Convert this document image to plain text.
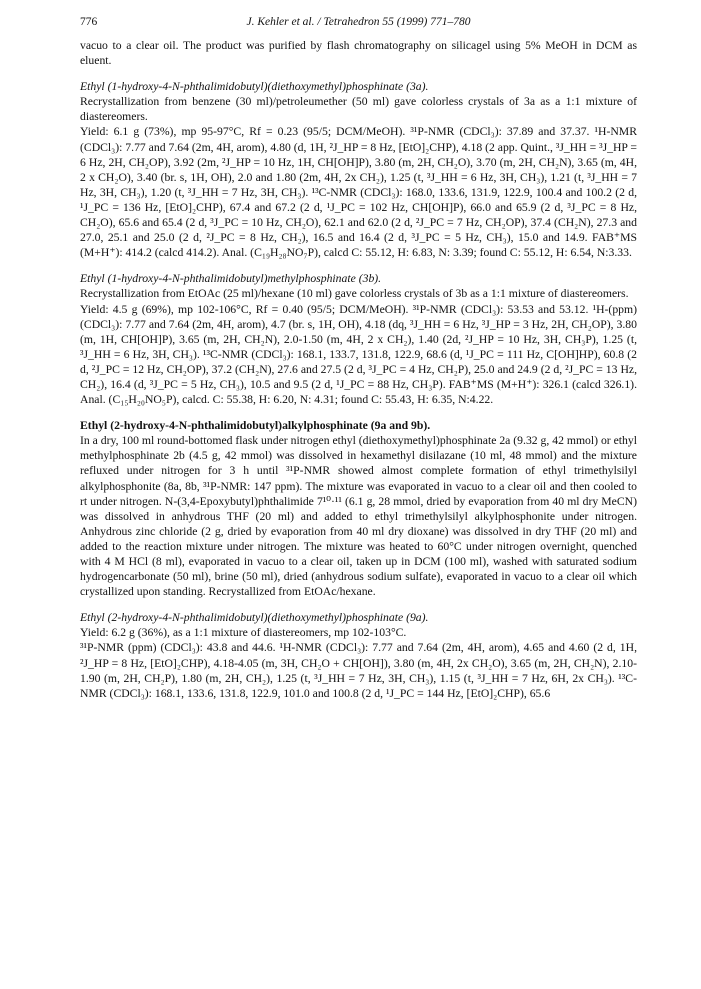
776	J. Kehler et al. / Tetrahedron 55 (1999) 771–780

vacuo to a clear oil. The product was purified by flash chromatography on silicagel using 5% MeOH in DCM as eluent.

Ethyl (1-hydroxy-4-N-phthalimidobutyl)(diethoxymethyl)phosphinate (3a).

Recrystallization from benzene (30 ml)/petroleumether (50 ml) gave colorless crystals of 3a as a 1:1 mixture of diastereomers.

Yield: 6.1 g (73%), mp 95-97°C, Rf = 0.23 (95/5; DCM/MeOH). ³¹P-NMR (CDCl₃): 37.89 and 37.37. ¹H-NMR (CDCl₃): 7.77 and 7.64 (2m, 4H, arom), 4.80 (d, 1H, ²J_HP = 8 Hz, [EtO]₂CHP), 4.18 (2 app. Quint., ³J_HH = ³J_HP = 6 Hz, 2H, CH₂OP), 3.92 (2m, ²J_HP = 10 Hz, 1H, CH[OH]P), 3.80 (m, 2H, CH₂O), 3.70 (m, 2H, CH₂N), 3.65 (m, 4H, 2 x CH₂O), 3.40 (br. s, 1H, OH), 2.0 and 1.80 (2m, 4H, 2x CH₂), 1.25 (t, ³J_HH = 6 Hz, 3H, CH₃), 1.21 (t, ³J_HH = 7 Hz, 3H, CH₃), 1.20 (t, ³J_HH = 7 Hz, 3H, CH₃). ¹³C-NMR (CDCl₃): 168.0, 133.6, 131.9, 122.9, 100.4 and 100.2 (2 d, ¹J_PC = 136 Hz, [EtO]₂CHP), 67.4 and 67.2 (2 d, ¹J_PC = 102 Hz, CH[OH]P), 66.0 and 65.9 (2 d, ³J_PC = 8 Hz, CH₂O), 65.6 and 65.4 (2 d, ³J_PC = 10 Hz, CH₂O), 62.1 and 62.0 (2 d, ²J_PC = 7 Hz, CH₂OP), 37.4 (CH₂N), 27.3 and 27.0, 25.1 and 25.0 (2 d, ²J_PC = 8 Hz, CH₂), 16.5 and 16.4 (2 d, ³J_PC = 5 Hz, CH₃), 15.0 and 14.9. FAB⁺MS (M+H⁺): 414.2 (calcd 414.2). Anal. (C₁₉H₂₈NO₇P), calcd C: 55.12, H: 6.83, N: 3.39; found C: 55.12, H: 6.54, N:3.33.

Ethyl (1-hydroxy-4-N-phthalimidobutyl)methylphosphinate (3b).

Recrystallization from EtOAc (25 ml)/hexane (10 ml) gave colorless crystals of 3b as a 1:1 mixture of diastereomers.

Yield: 4.5 g (69%), mp 102-106°C, Rf = 0.40 (95/5; DCM/MeOH). ³¹P-NMR (CDCl₃): 53.53 and 53.12. ¹H-(ppm) (CDCl₃): 7.77 and 7.64 (2m, 4H, arom), 4.7 (br. s, 1H, OH), 4.18 (dq, ³J_HH = 6 Hz, ³J_HP = 3 Hz, 2H, CH₂OP), 3.80 (m, 1H, CH[OH]P), 3.65 (m, 2H, CH₂N), 2.0-1.50 (m, 4H, 2 x CH₂), 1.40 (2d, ²J_HP = 10 Hz, 3H, CH₃P), 1.25 (t, ³J_HH = 6 Hz, 3H, CH₃). ¹³C-NMR (CDCl₃): 168.1, 133.7, 131.8, 122.9, 68.6 (d, ¹J_PC = 111 Hz, C[OH]HP), 60.8 (2 d, ²J_PC = 12 Hz, CH₂OP), 37.2 (CH₂N), 27.6 and 27.5 (2 d, ³J_PC = 4 Hz, CH₂P), 25.0 and 24.9 (2 d, ²J_PC = 13 Hz, CH₂), 16.4 (d, ³J_PC = 5 Hz, CH₃), 10.5 and 9.5 (2 d, ¹J_PC = 88 Hz, CH₃P). FAB⁺MS (M+H⁺): 326.1 (calcd 326.1). Anal. (C₁₅H₂₀NO₅P), calcd. C: 55.38, H: 6.20, N: 4.31; found C: 55.43, H: 6.35, N:4.22.

Ethyl (2-hydroxy-4-N-phthalimidobutyl)alkylphosphinate (9a and 9b).

In a dry, 100 ml round-bottomed flask under nitrogen ethyl (diethoxymethyl)phosphinate 2a (9.32 g, 42 mmol) or ethyl methylphosphinate 2b (4.5 g, 42 mmol) was dissolved in hexamethyl disilazane (10 ml, 48 mmol) and the mixture refluxed under nitrogen for 3 h until ³¹P-NMR showed almost complete formation of ethyl trimethylsilyl alkylphosphonite (8a, 8b, ³¹P-NMR: 147 ppm). The mixture was evaporated in vacuo to a clear oil and then cooled to rt under nitrogen. N-(3,4-Epoxybutyl)phthalimide 7¹⁰·¹¹ (6.1 g, 28 mmol, dried by evaporation from 40 ml dry MeCN) was dissolved in anhydrous THF (20 ml) and added to ethyl trimethylsilyl alkylphosphonite under nitrogen. Anhydrous zinc chloride (2 g, dried by evaporation from 40 ml dry dioxane) was dissolved in dry THF (20 ml) and added to the reaction mixture under nitrogen. The mixture was heated to 60°C under nitrogen overnight, quenched with 4 M HCl (8 ml), evaporated in vacuo to a clear oil, taken up in DCM (100 ml), washed with saturated sodium hydrogencarbonate (50 ml), brine (50 ml), dried (anhydrous sodium sulfate), evaporated in vacuo to a clear oil which crystallized upon standing. Recrystallized from EtOAc/hexane.

Ethyl (2-hydroxy-4-N-phthalimidobutyl)(diethoxymethyl)phosphinate (9a).

Yield: 6.2 g (36%), as a 1:1 mixture of diastereomers, mp 102-103°C.

³¹P-NMR (ppm) (CDCl₃): 43.8 and 44.6. ¹H-NMR (CDCl₃): 7.77 and 7.64 (2m, 4H, arom), 4.65 and 4.60 (2 d, 1H, ²J_HP = 8 Hz, [EtO]₂CHP), 4.18-4.05 (m, 3H, CH₂O + CH[OH]), 3.80 (m, 4H, 2x CH₂O), 3.65 (m, 2H, CH₂N), 2.10-1.90 (m, 2H, CH₂P), 1.80 (m, 2H, CH₂), 1.25 (t, ³J_HH = 7 Hz, 3H, CH₃), 1.15 (t, ³J_HH = 7 Hz, 6H, 2x CH₃). ¹³C-NMR (CDCl₃): 168.1, 133.6, 131.8, 122.9, 101.0 and 100.8 (2 d, ¹J_PC = 144 Hz, [EtO]₂CHP), 65.6
